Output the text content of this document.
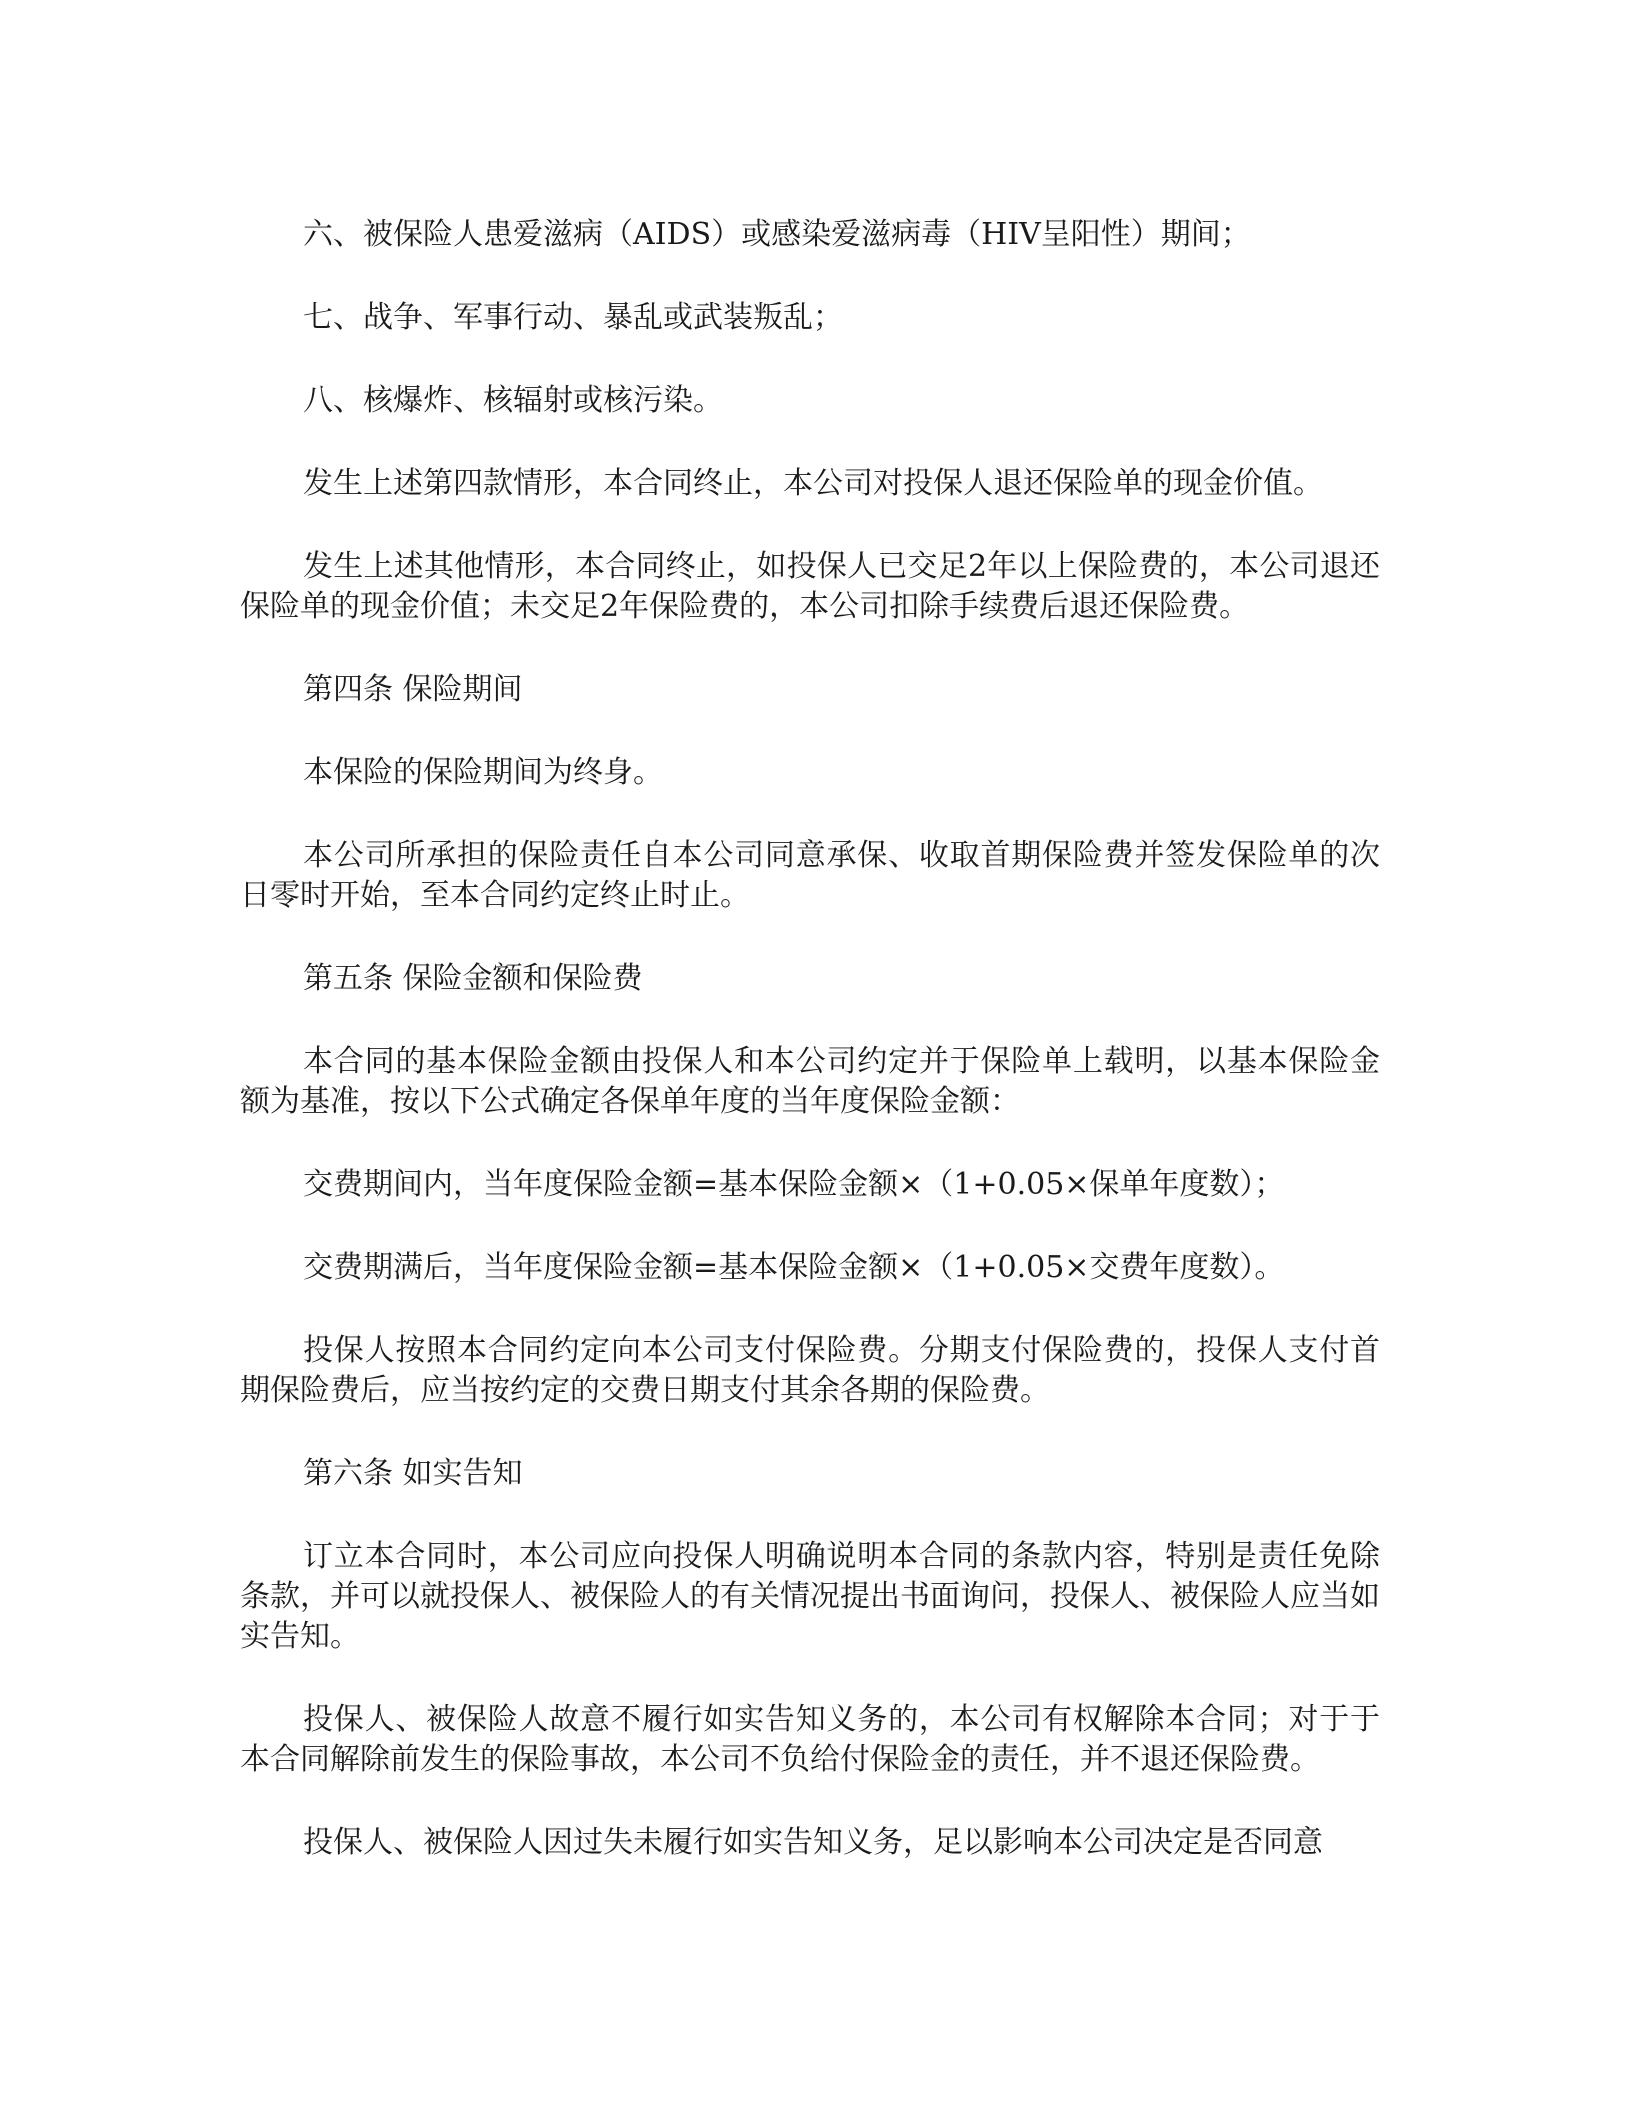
六、被保险人患爱滋病（AIDS）或感染爱滋病毒（HIV呈阳性）期间；

七、战争、军事行动、暴乱或武装叛乱；

八、核爆炸、核辐射或核污染。

发生上述第四款情形，本合同终止，本公司对投保人退还保险单的现金价值。

发生上述其他情形，本合同终止，如投保人已交足2年以上保险费的，本公司退还保险单的现金价值；未交足2年保险费的，本公司扣除手续费后退还保险费。

第四条 保险期间

本保险的保险期间为终身。

本公司所承担的保险责任自本公司同意承保、收取首期保险费并签发保险单的次日零时开始，至本合同约定终止时止。

第五条 保险金额和保险费

本合同的基本保险金额由投保人和本公司约定并于保险单上载明，以基本保险金额为基准，按以下公式确定各保单年度的当年度保险金额：

交费期间内，当年度保险金额=基本保险金额×（1+0.05×保单年度数）；

交费期满后，当年度保险金额=基本保险金额×（1+0.05×交费年度数）。

投保人按照本合同约定向本公司支付保险费。分期支付保险费的，投保人支付首期保险费后，应当按约定的交费日期支付其余各期的保险费。

第六条 如实告知

订立本合同时，本公司应向投保人明确说明本合同的条款内容，特别是责任免除条款，并可以就投保人、被保险人的有关情况提出书面询问，投保人、被保险人应当如实告知。

投保人、被保险人故意不履行如实告知义务的，本公司有权解除本合同；对于于本合同解除前发生的保险事故，本公司不负给付保险金的责任，并不退还保险费。

投保人、被保险人因过失未履行如实告知义务，足以影响本公司决定是否同意
